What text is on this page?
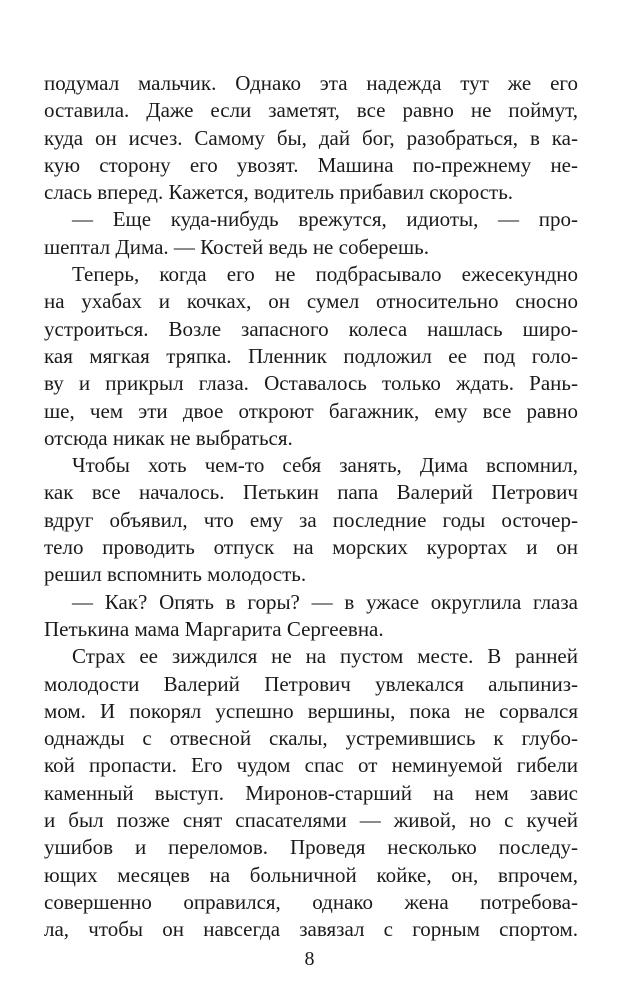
подумал мальчик. Однако эта надежда тут же его
оставила. Даже если заметят, все равно не поймут,
куда он исчез. Самому бы, дай бог, разобраться, в ка-
кую сторону его увозят. Машина по-прежнему не-
слась вперед. Кажется, водитель прибавил скорость.
— Еще куда-нибудь врежутся, идиоты, — про-
шептал Дима. — Костей ведь не соберешь.
Теперь, когда его не подбрасывало ежесекундно
на ухабах и кочках, он сумел относительно сносно
устроиться. Возле запасного колеса нашлась широ-
кая мягкая тряпка. Пленник подложил ее под голо-
ву и прикрыл глаза. Оставалось только ждать. Рань-
ше, чем эти двое откроют багажник, ему все равно
отсюда никак не выбраться.
Чтобы хоть чем-то себя занять, Дима вспомнил,
как все началось. Петькин папа Валерий Петрович
вдруг объявил, что ему за последние годы осточер-
тело проводить отпуск на морских курортах и он
решил вспомнить молодость.
— Как? Опять в горы? — в ужасе округлила глаза
Петькина мама Маргарита Сергеевна.
Страх ее зиждился не на пустом месте. В ранней
молодости Валерий Петрович увлекался альпиниз-
мом. И покорял успешно вершины, пока не сорвался
однажды с отвесной скалы, устремившись к глубо-
кой пропасти. Его чудом спас от неминуемой гибели
каменный выступ. Миронов-старший на нем завис
и был позже снят спасателями — живой, но с кучей
ушибов и переломов. Проведя несколько последу-
ющих месяцев на больничной койке, он, впрочем,
совершенно оправился, однако жена потребова-
ла, чтобы он навсегда завязал с горным спортом.
8
